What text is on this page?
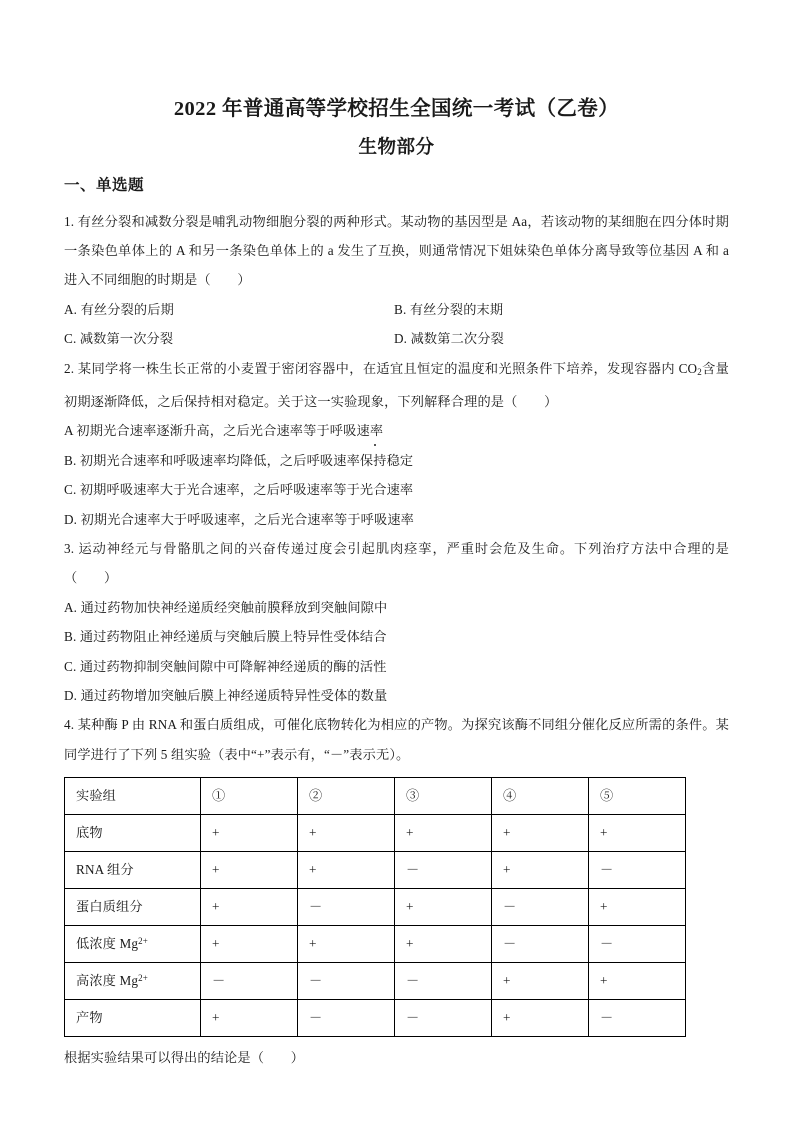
2022 年普通高等学校招生全国统一考试（乙卷）
生物部分
一、单选题

1. 有丝分裂和减数分裂是哺乳动物细胞分裂的两种形式。某动物的基因型是 Aa，若该动物的某细胞在四分体时期一条染色单体上的 A 和另一条染色单体上的 a 发生了互换，则通常情况下姐妹染色单体分离导致等位基因 A 和 a 进入不同细胞的时期是（　　）

A. 有丝分裂的后期	B. 有丝分裂的末期
C. 减数第一次分裂	D. 减数第二次分裂

2. 某同学将一株生长正常的小麦置于密闭容器中，在适宜且恒定的温度和光照条件下培养，发现容器内 $CO_2$含量初期逐渐降低，之后保持相对稳定。关于这一实验现象，下列解释合理的是（　　）

A 初期光合速率逐渐升高，之后光合速率等于呼吸速率
B. 初期光合速率和呼吸速率均降低，之后呼吸速率保持稳定
C. 初期呼吸速率大于光合速率，之后呼吸速率等于光合速率
D. 初期光合速率大于呼吸速率，之后光合速率等于呼吸速率

3. 运动神经元与骨骼肌之间的兴奋传递过度会引起肌肉痉挛，严重时会危及生命。下列治疗方法中合理的是（　　）

A. 通过药物加快神经递质经突触前膜释放到突触间隙中
B. 通过药物阻止神经递质与突触后膜上特异性受体结合
C. 通过药物抑制突触间隙中可降解神经递质的酶的活性
D. 通过药物增加突触后膜上神经递质特异性受体的数量

4. 某种酶 P 由 RNA 和蛋白质组成，可催化底物转化为相应的产物。为探究该酶不同组分催化反应所需的条件。某同学进行了下列 5 组实验（表中“+”表示有，“－”表示无）。

实验组	①	②	③	④	⑤
底物	+	+	+	+	+
RNA 组分	+	+	－	+	－
蛋白质组分	+	－	+	－	+
低浓度 $Mg^{2+}$	+	+	+	－	－
高浓度 $Mg^{2+}$	－	－	－	+	+
产物	+	－	－	+	－
根据实验结果可以得出的结论是（　　）
